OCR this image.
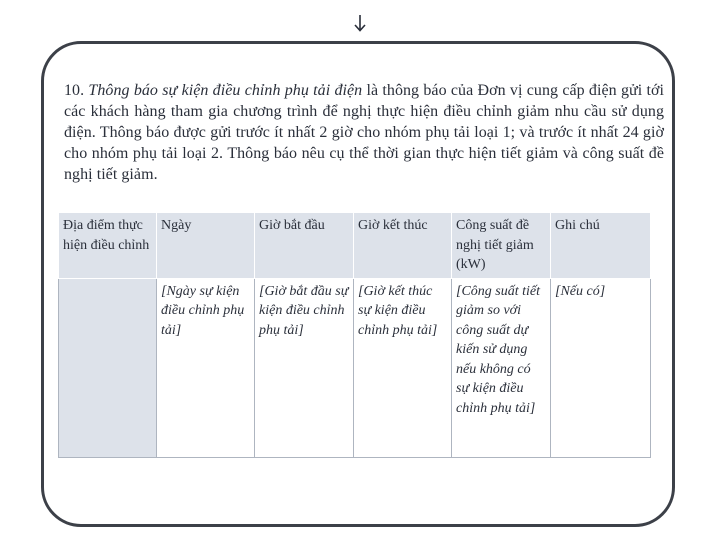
10. Thông báo sự kiện điều chỉnh phụ tải điện là thông báo của Đơn vị cung cấp điện gửi tới các khách hàng tham gia chương trình để nghị thực hiện điều chỉnh giảm nhu cầu sử dụng điện. Thông báo được gửi trước ít nhất 2 giờ cho nhóm phụ tải loại 1; và trước ít nhất 24 giờ cho nhóm phụ tải loại 2. Thông báo nêu cụ thể thời gian thực hiện tiết giảm và công suất đề nghị tiết giảm.
Địa điểm thực hiện điều chỉnh	Ngày	Giờ bắt đầu	Giờ kết thúc	Công suất đề nghị tiết giảm (kW)	Ghi chú
	[Ngày sự kiện điều chỉnh phụ tải]	[Giờ bắt đầu sự kiện điều chỉnh phụ tải]	[Giờ kết thúc sự kiện điều chỉnh phụ tải]	[Công suất tiết giảm so với công suất dự kiến sử dụng nếu không có sự kiện điều chỉnh phụ tải]	[Nếu có]
